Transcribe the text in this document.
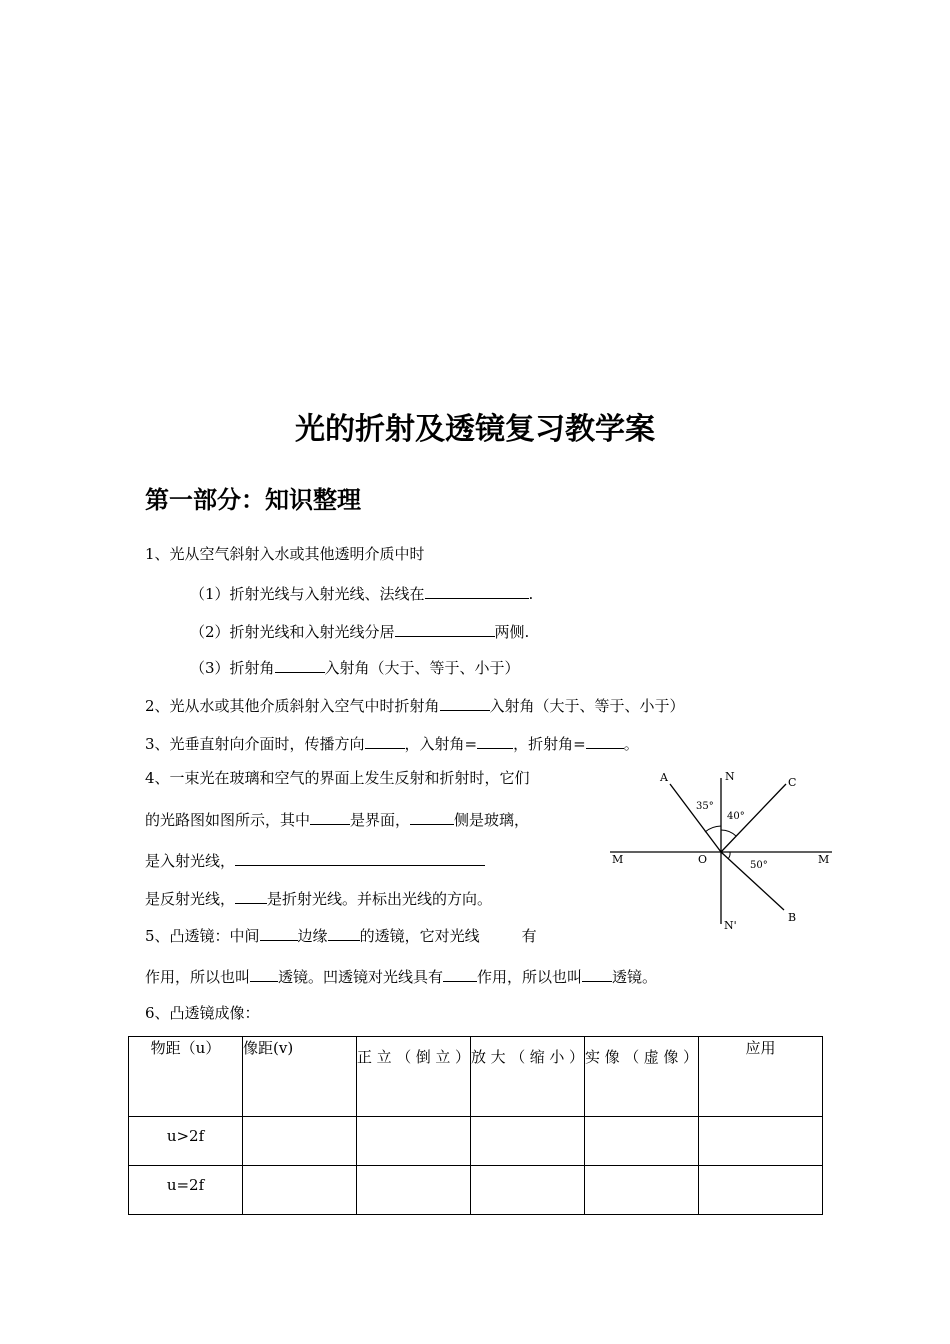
光的折射及透镜复习教学案
第一部分：知识整理
1、光从空气斜射入水或其他透明介质中时
（1）折射光线与入射光线、法线在	.
（2）折射光线和入射光线分居	两侧.
（3）折射角	入射角（大于、等于、小于）
2、光从水或其他介质斜射入空气中时折射角	入射角（大于、等于、小于）
3、光垂直射向介面时，传播方向	，入射角= ，折射角=	。
4、一束光在玻璃和空气的界面上发生反射和折射时，它们
的光路图如图所示，其中	是界面，	侧是玻璃，
是入射光线，
是反射光线， 是折射光线。并标出光线的方向。
5、凸透镜：中间	边缘 的透镜，它对光线	有
作用，所以也叫 透镜。凹透镜对光线具有 作用，所以也叫 透镜。
6、凸透镜成像：
A	N	C
M	M
O
B
N'
35°
40°
50°
物距（u）	像距(v)	正立（倒立）	放大（缩小）	实像（虚像）	应用
u>2f					
u=2f					
